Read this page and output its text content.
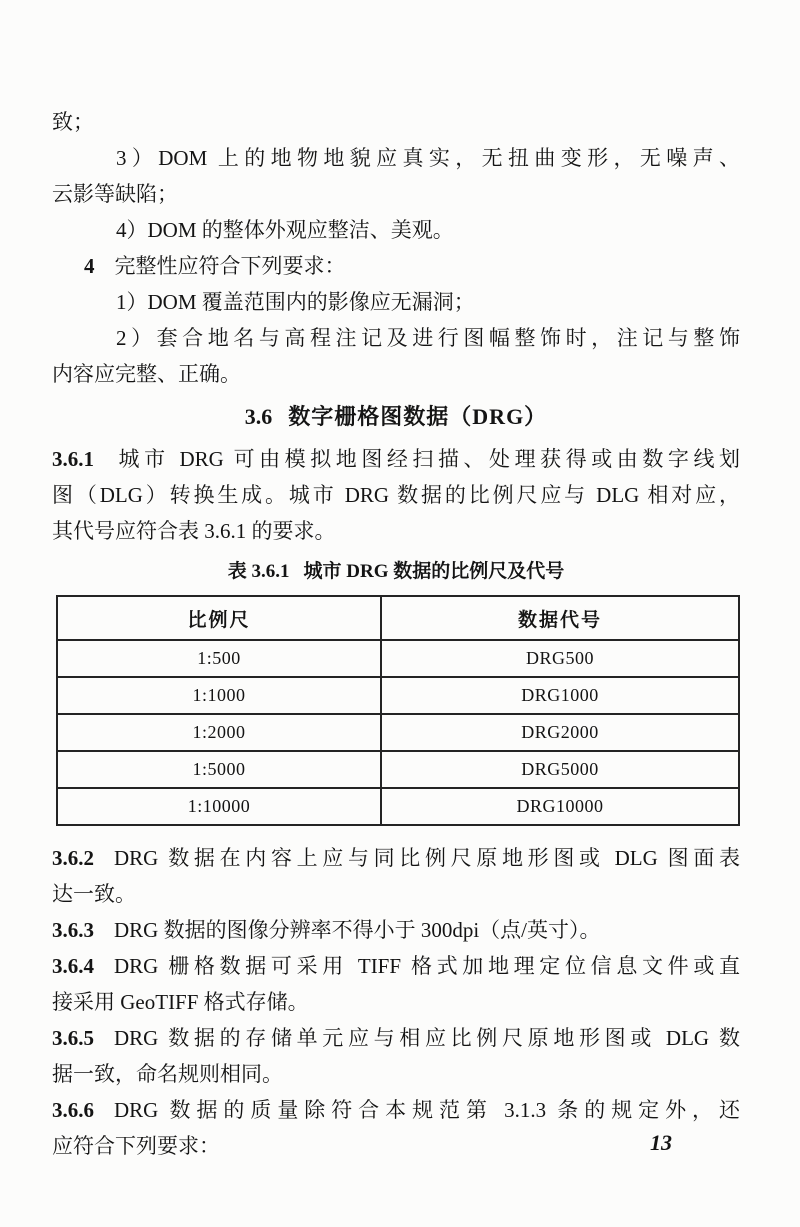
致；
3）DOM 上的地物地貌应真实，无扭曲变形，无噪声、
云影等缺陷；
4）DOM 的整体外观应整洁、美观。
4 完整性应符合下列要求：
1）DOM 覆盖范围内的影像应无漏洞；
2）套合地名与高程注记及进行图幅整饰时，注记与整饰
内容应完整、正确。
3.6 数字栅格图数据（DRG）
3.6.1 城市 DRG 可由模拟地图经扫描、处理获得或由数字线划
图（DLG）转换生成。城市 DRG 数据的比例尺应与 DLG 相对应，
其代号应符合表 3.6.1 的要求。
表 3.6.1 城市 DRG 数据的比例尺及代号
比例尺	数据代号
1:500	DRG500
1:1000	DRG1000
1:2000	DRG2000
1:5000	DRG5000
1:10000	DRG10000
3.6.2 DRG 数据在内容上应与同比例尺原地形图或 DLG 图面表
达一致。
3.6.3 DRG 数据的图像分辨率不得小于 300dpi（点/英寸）。
3.6.4 DRG 栅格数据可采用 TIFF 格式加地理定位信息文件或直
接采用 GeoTIFF 格式存储。
3.6.5 DRG 数据的存储单元应与相应比例尺原地形图或 DLG 数
据一致，命名规则相同。
3.6.6 DRG 数据的质量除符合本规范第 3.1.3 条的规定外，还
应符合下列要求：	13
